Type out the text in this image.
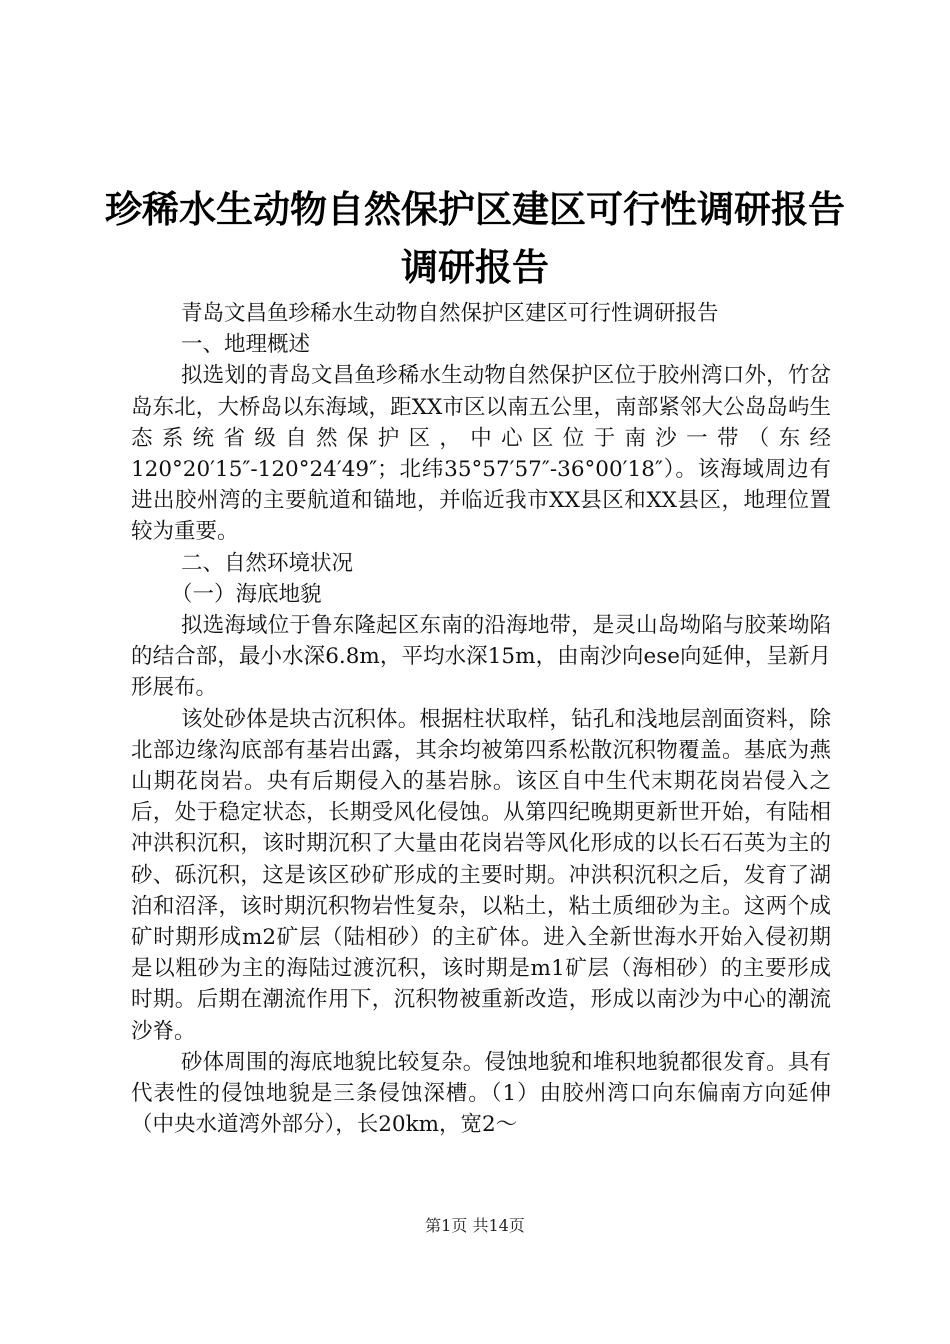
珍稀水生动物自然保护区建区可行性调研报告
调研报告

青岛文昌鱼珍稀水生动物自然保护区建区可行性调研报告

一、地理概述

拟选划的青岛文昌鱼珍稀水生动物自然保护区位于胶州湾口外，竹岔岛东北，大桥岛以东海域，距XX市区以南五公里，南部紧邻大公岛岛屿生态系统省级自然保护区，中心区位于南沙一带（东经120°20′15″-120°24′49″；北纬35°57′57″-36°00′18″）。该海域周边有进出胶州湾的主要航道和锚地，并临近我市XX县区和XX县区，地理位置较为重要。

二、自然环境状况

（一）海底地貌

拟选海域位于鲁东隆起区东南的沿海地带，是灵山岛坳陷与胶莱坳陷的结合部，最小水深6.8m，平均水深15m，由南沙向ese向延伸，呈新月形展布。

该处砂体是块古沉积体。根据柱状取样，钻孔和浅地层剖面资料，除北部边缘沟底部有基岩出露，其余均被第四系松散沉积物覆盖。基底为燕山期花岗岩。央有后期侵入的基岩脉。该区自中生代末期花岗岩侵入之后，处于稳定状态，长期受风化侵蚀。从第四纪晚期更新世开始，有陆相冲洪积沉积，该时期沉积了大量由花岗岩等风化形成的以长石石英为主的砂、砾沉积，这是该区砂矿形成的主要时期。冲洪积沉积之后，发育了湖泊和沼泽，该时期沉积物岩性复杂，以粘土，粘土质细砂为主。这两个成矿时期形成m2矿层（陆相砂）的主矿体。进入全新世海水开始入侵初期是以粗砂为主的海陆过渡沉积，该时期是m1矿层（海相砂）的主要形成时期。后期在潮流作用下，沉积物被重新改造，形成以南沙为中心的潮流沙脊。

砂体周围的海底地貌比较复杂。侵蚀地貌和堆积地貌都很发育。具有代表性的侵蚀地貌是三条侵蚀深槽。（1）由胶州湾口向东偏南方向延伸（中央水道湾外部分），长20km，宽2～

第1页 共14页
